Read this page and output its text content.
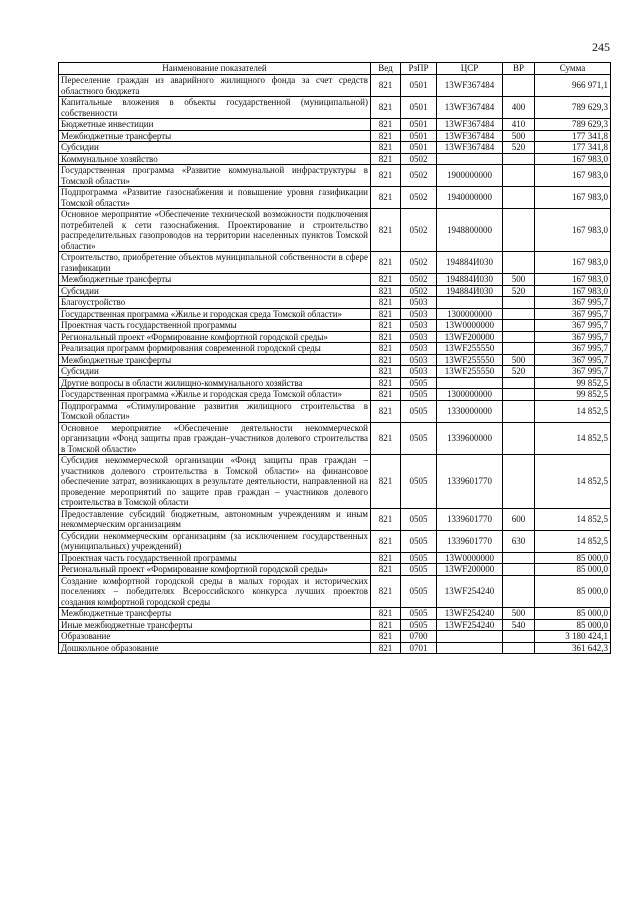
245
Наименование показателей	Вед	РзПР	ЦСР	ВР	Сумма
Переселение граждан из аварийного жилищного фонда за счет средств областного бюджета	821	0501	13WF367484		966 971,1
Капитальные вложения в объекты государственной (муниципальной) собственности	821	0501	13WF367484	400	789 629,3
Бюджетные инвестиции	821	0501	13WF367484	410	789 629,3
Межбюджетные трансферты	821	0501	13WF367484	500	177 341,8
Субсидии	821	0501	13WF367484	520	177 341,8
Коммунальное хозяйство	821	0502			167 983,0
Государственная программа «Развитие коммунальной инфраструктуры в Томской области»	821	0502	1900000000		167 983,0
Подпрограмма «Развитие газоснабжения и повышение уровня газификации Томской области»	821	0502	1940000000		167 983,0
Основное мероприятие «Обеспечение технической возможности подключения потребителей к сети газоснабжения. Проектирование и строительство распределительных газопроводов на территории населенных пунктов Томской области»	821	0502	1948800000		167 983,0
Строительство, приобретение объектов муниципальной собственности в сфере газификации	821	0502	194884И030		167 983,0
Межбюджетные трансферты	821	0502	194884И030	500	167 983,0
Субсидии	821	0502	194884И030	520	167 983,0
Благоустройство	821	0503			367 995,7
Государственная программа «Жилье и городская среда Томской области»	821	0503	1300000000		367 995,7
Проектная часть государственной программы	821	0503	13W0000000		367 995,7
Региональный проект «Формирование комфортной городской среды»	821	0503	13WF200000		367 995,7
Реализация программ формирования современной городской среды	821	0503	13WF255550		367 995,7
Межбюджетные трансферты	821	0503	13WF255550	500	367 995,7
Субсидии	821	0503	13WF255550	520	367 995,7
Другие вопросы в области жилищно-коммунального хозяйства	821	0505			99 852,5
Государственная программа «Жилье и городская среда Томской области»	821	0505	1300000000		99 852,5
Подпрограмма «Стимулирование развития жилищного строительства в Томской области»	821	0505	1330000000		14 852,5
Основное мероприятие «Обеспечение деятельности некоммерческой организации «Фонд защиты прав граждан–участников долевого строительства в Томской области»	821	0505	1339600000		14 852,5
Субсидия некоммерческой организации «Фонд защиты прав граждан – участников долевого строительства в Томской области» на финансовое обеспечение затрат, возникающих в результате деятельности, направленной на проведение мероприятий по защите прав граждан – участников долевого строительства в Томской области	821	0505	1339601770		14 852,5
Предоставление субсидий бюджетным, автономным учреждениям и иным некоммерческим организациям	821	0505	1339601770	600	14 852,5
Субсидии некоммерческим организациям (за исключением государственных (муниципальных) учреждений)	821	0505	1339601770	630	14 852,5
Проектная часть государственной программы	821	0505	13W0000000		85 000,0
Региональный проект «Формирование комфортной городской среды»	821	0505	13WF200000		85 000,0
Создание комфортной городской среды в малых городах и исторических поселениях – победителях Всероссийского конкурса лучших проектов создания комфортной городской среды	821	0505	13WF254240		85 000,0
Межбюджетные трансферты	821	0505	13WF254240	500	85 000,0
Иные межбюджетные трансферты	821	0505	13WF254240	540	85 000,0
Образование	821	0700			3 180 424,1
Дошкольное образование	821	0701			361 642,3
